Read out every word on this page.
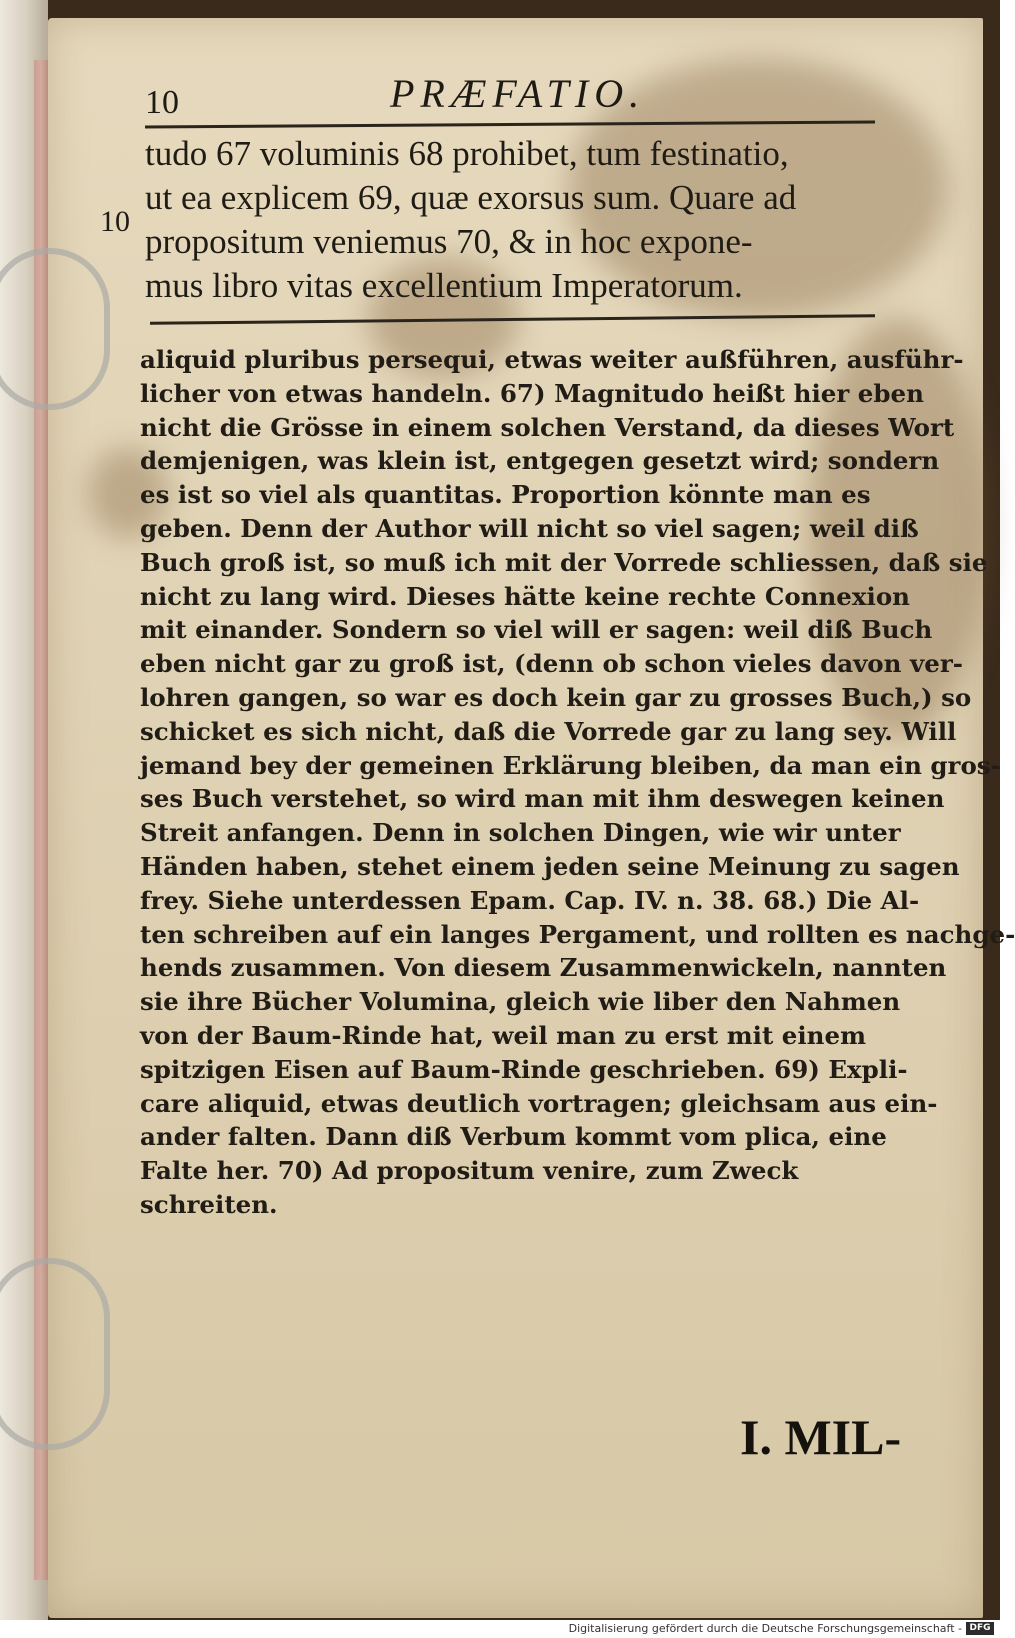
10	PRÆFATIO.
10
tudo 67 voluminis 68 prohibet, tum festinatio,
ut ea explicem 69, quæ exorsus sum. Quare ad
propositum veniemus 70, & in hoc expone-
mus libro vitas excellentium Imperatorum.
aliquid pluribus persequi, etwas weiter außführen, ausführ-
licher von etwas handeln. 67) Magnitudo heißt hier eben
nicht die Grösse in einem solchen Verstand, da dieses Wort
demjenigen, was klein ist, entgegen gesetzt wird; sondern
es ist so viel als quantitas. Proportion könnte man es
geben. Denn der Author will nicht so viel sagen; weil diß
Buch groß ist, so muß ich mit der Vorrede schliessen, daß sie
nicht zu lang wird. Dieses hätte keine rechte Connexion
mit einander. Sondern so viel will er sagen: weil diß Buch
eben nicht gar zu groß ist, (denn ob schon vieles davon ver-
lohren gangen, so war es doch kein gar zu grosses Buch,) so
schicket es sich nicht, daß die Vorrede gar zu lang sey. Will
jemand bey der gemeinen Erklärung bleiben, da man ein gros-
ses Buch verstehet, so wird man mit ihm deswegen keinen
Streit anfangen. Denn in solchen Dingen, wie wir unter
Händen haben, stehet einem jeden seine Meinung zu sagen
frey. Siehe unterdessen Epam. Cap. IV. n. 38. 68.) Die Al-
ten schreiben auf ein langes Pergament, und rollten es nachge-
hends zusammen. Von diesem Zusammenwickeln, nannten
sie ihre Bücher Volumina, gleich wie liber den Nahmen
von der Baum-Rinde hat, weil man zu erst mit einem
spitzigen Eisen auf Baum-Rinde geschrieben. 69) Expli-
care aliquid, etwas deutlich vortragen; gleichsam aus ein-
ander falten. Dann diß Verbum kommt vom plica, eine
Falte her. 70) Ad propositum venire, zum Zweck
schreiten.
I. MIL-
Digitalisierung gefördert durch die Deutsche Forschungsgemeinschaft - DFG
